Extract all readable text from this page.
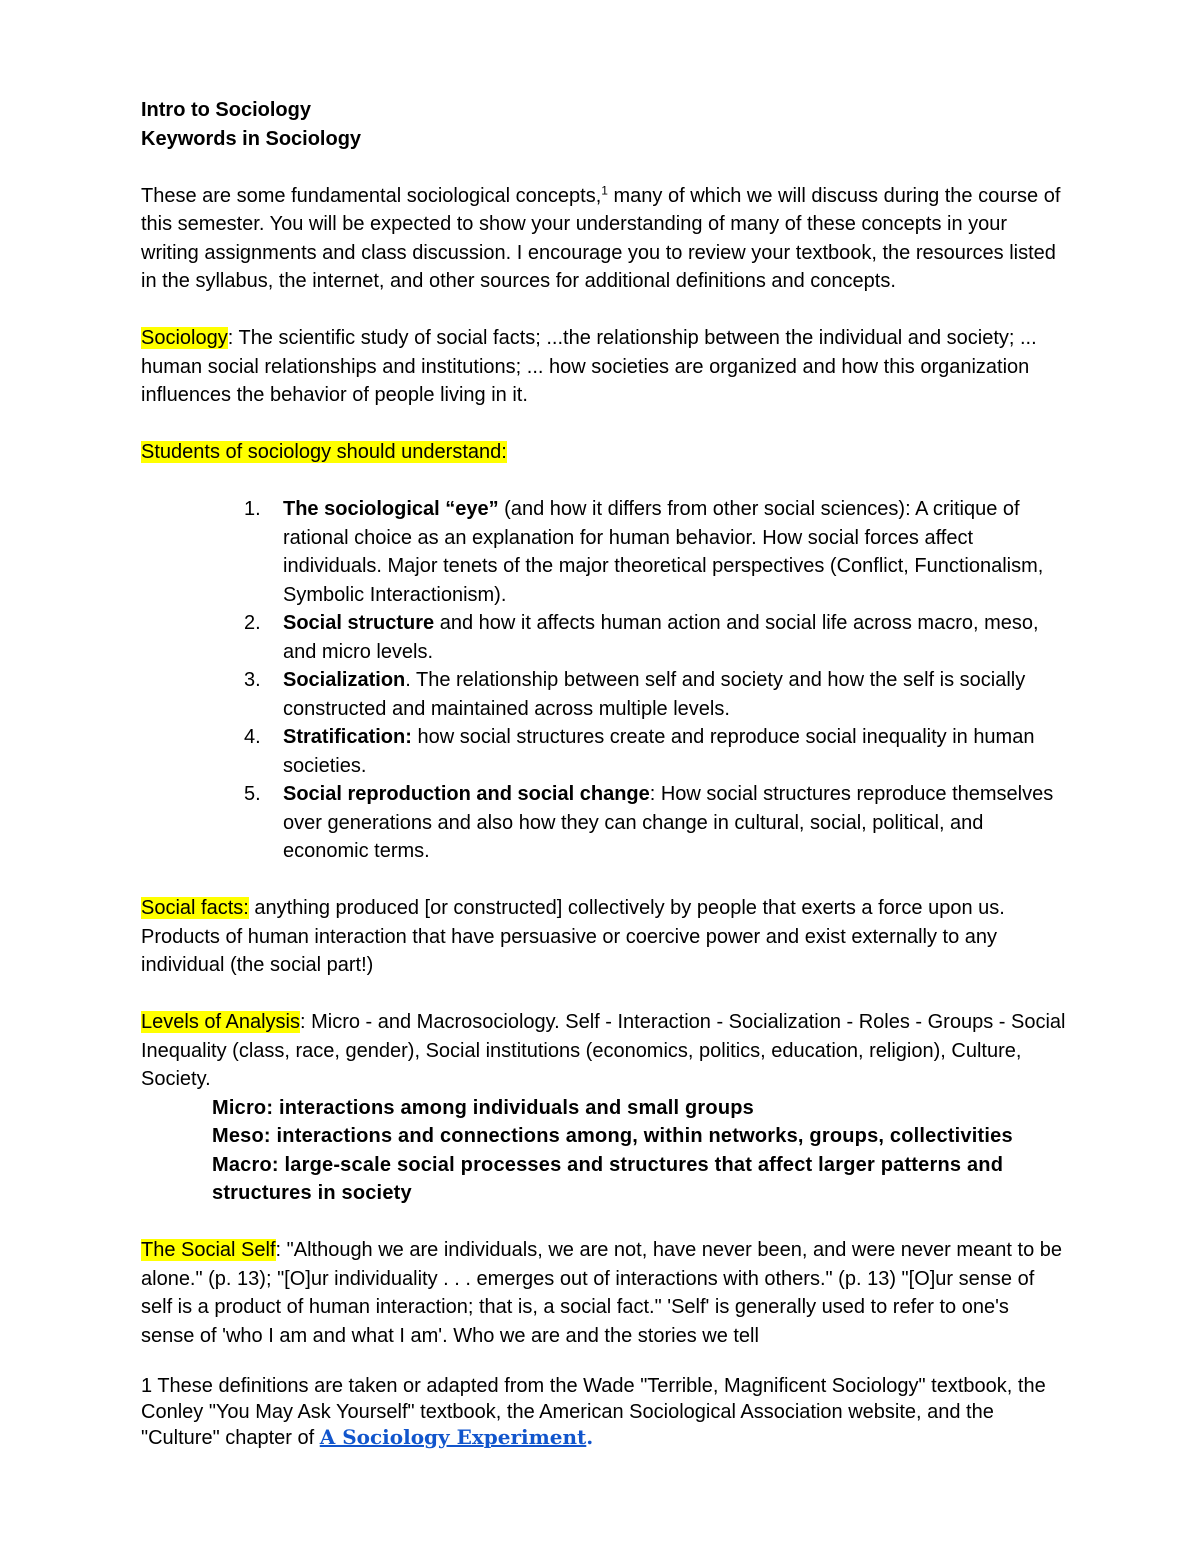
Intro to Sociology
Keywords in Sociology

These are some fundamental sociological concepts,$^1$ many of which we will discuss during the course of this semester. You will be expected to show your understanding of many of these concepts in your writing assignments and class discussion. I encourage you to review your textbook, the resources listed in the syllabus, the internet, and other sources for additional definitions and concepts.

Sociology: The scientific study of social facts; ...the relationship between the individual and society; ... human social relationships and institutions; ... how societies are organized and how this organization influences the behavior of people living in it.

Students of sociology should understand:

1.	The sociological “eye” (and how it differs from other social sciences): A critique of rational choice as an explanation for human behavior. How social forces affect individuals. Major tenets of the major theoretical perspectives (Conflict, Functionalism, Symbolic Interactionism).
2.	Social structure and how it affects human action and social life across macro, meso, and micro levels.
3.	Socialization. The relationship between self and society and how the self is socially constructed and maintained across multiple levels.
4.	Stratification: how social structures create and reproduce social inequality in human societies.
5.	Social reproduction and social change: How social structures reproduce themselves over generations and also how they can change in cultural, social, political, and economic terms.

Social facts: anything produced [or constructed] collectively by people that exerts a force upon us. Products of human interaction that have persuasive or coercive power and exist externally to any individual (the social part!)

Levels of Analysis: Micro - and Macrosociology. Self - Interaction - Socialization - Roles - Groups - Social Inequality (class, race, gender), Social institutions (economics, politics, education, religion), Culture, Society.

Micro: interactions among individuals and small groups
Meso: interactions and connections among, within networks, groups, collectivities
Macro: large-scale social processes and structures that affect larger patterns and structures in society

The Social Self: "Although we are individuals, we are not, have never been, and were never meant to be alone." (p. 13); "[O]ur individuality . . . emerges out of interactions with others." (p. 13) "[O]ur sense of self is a product of human interaction; that is, a social fact." 'Self' is generally used to refer to one's sense of 'who I am and what I am'. Who we are and the stories we tell

1 These definitions are taken or adapted from the Wade "Terrible, Magnificent Sociology" textbook, the Conley "You May Ask Yourself" textbook, the American Sociological Association website, and the "Culture" chapter of A Sociology Experiment.
